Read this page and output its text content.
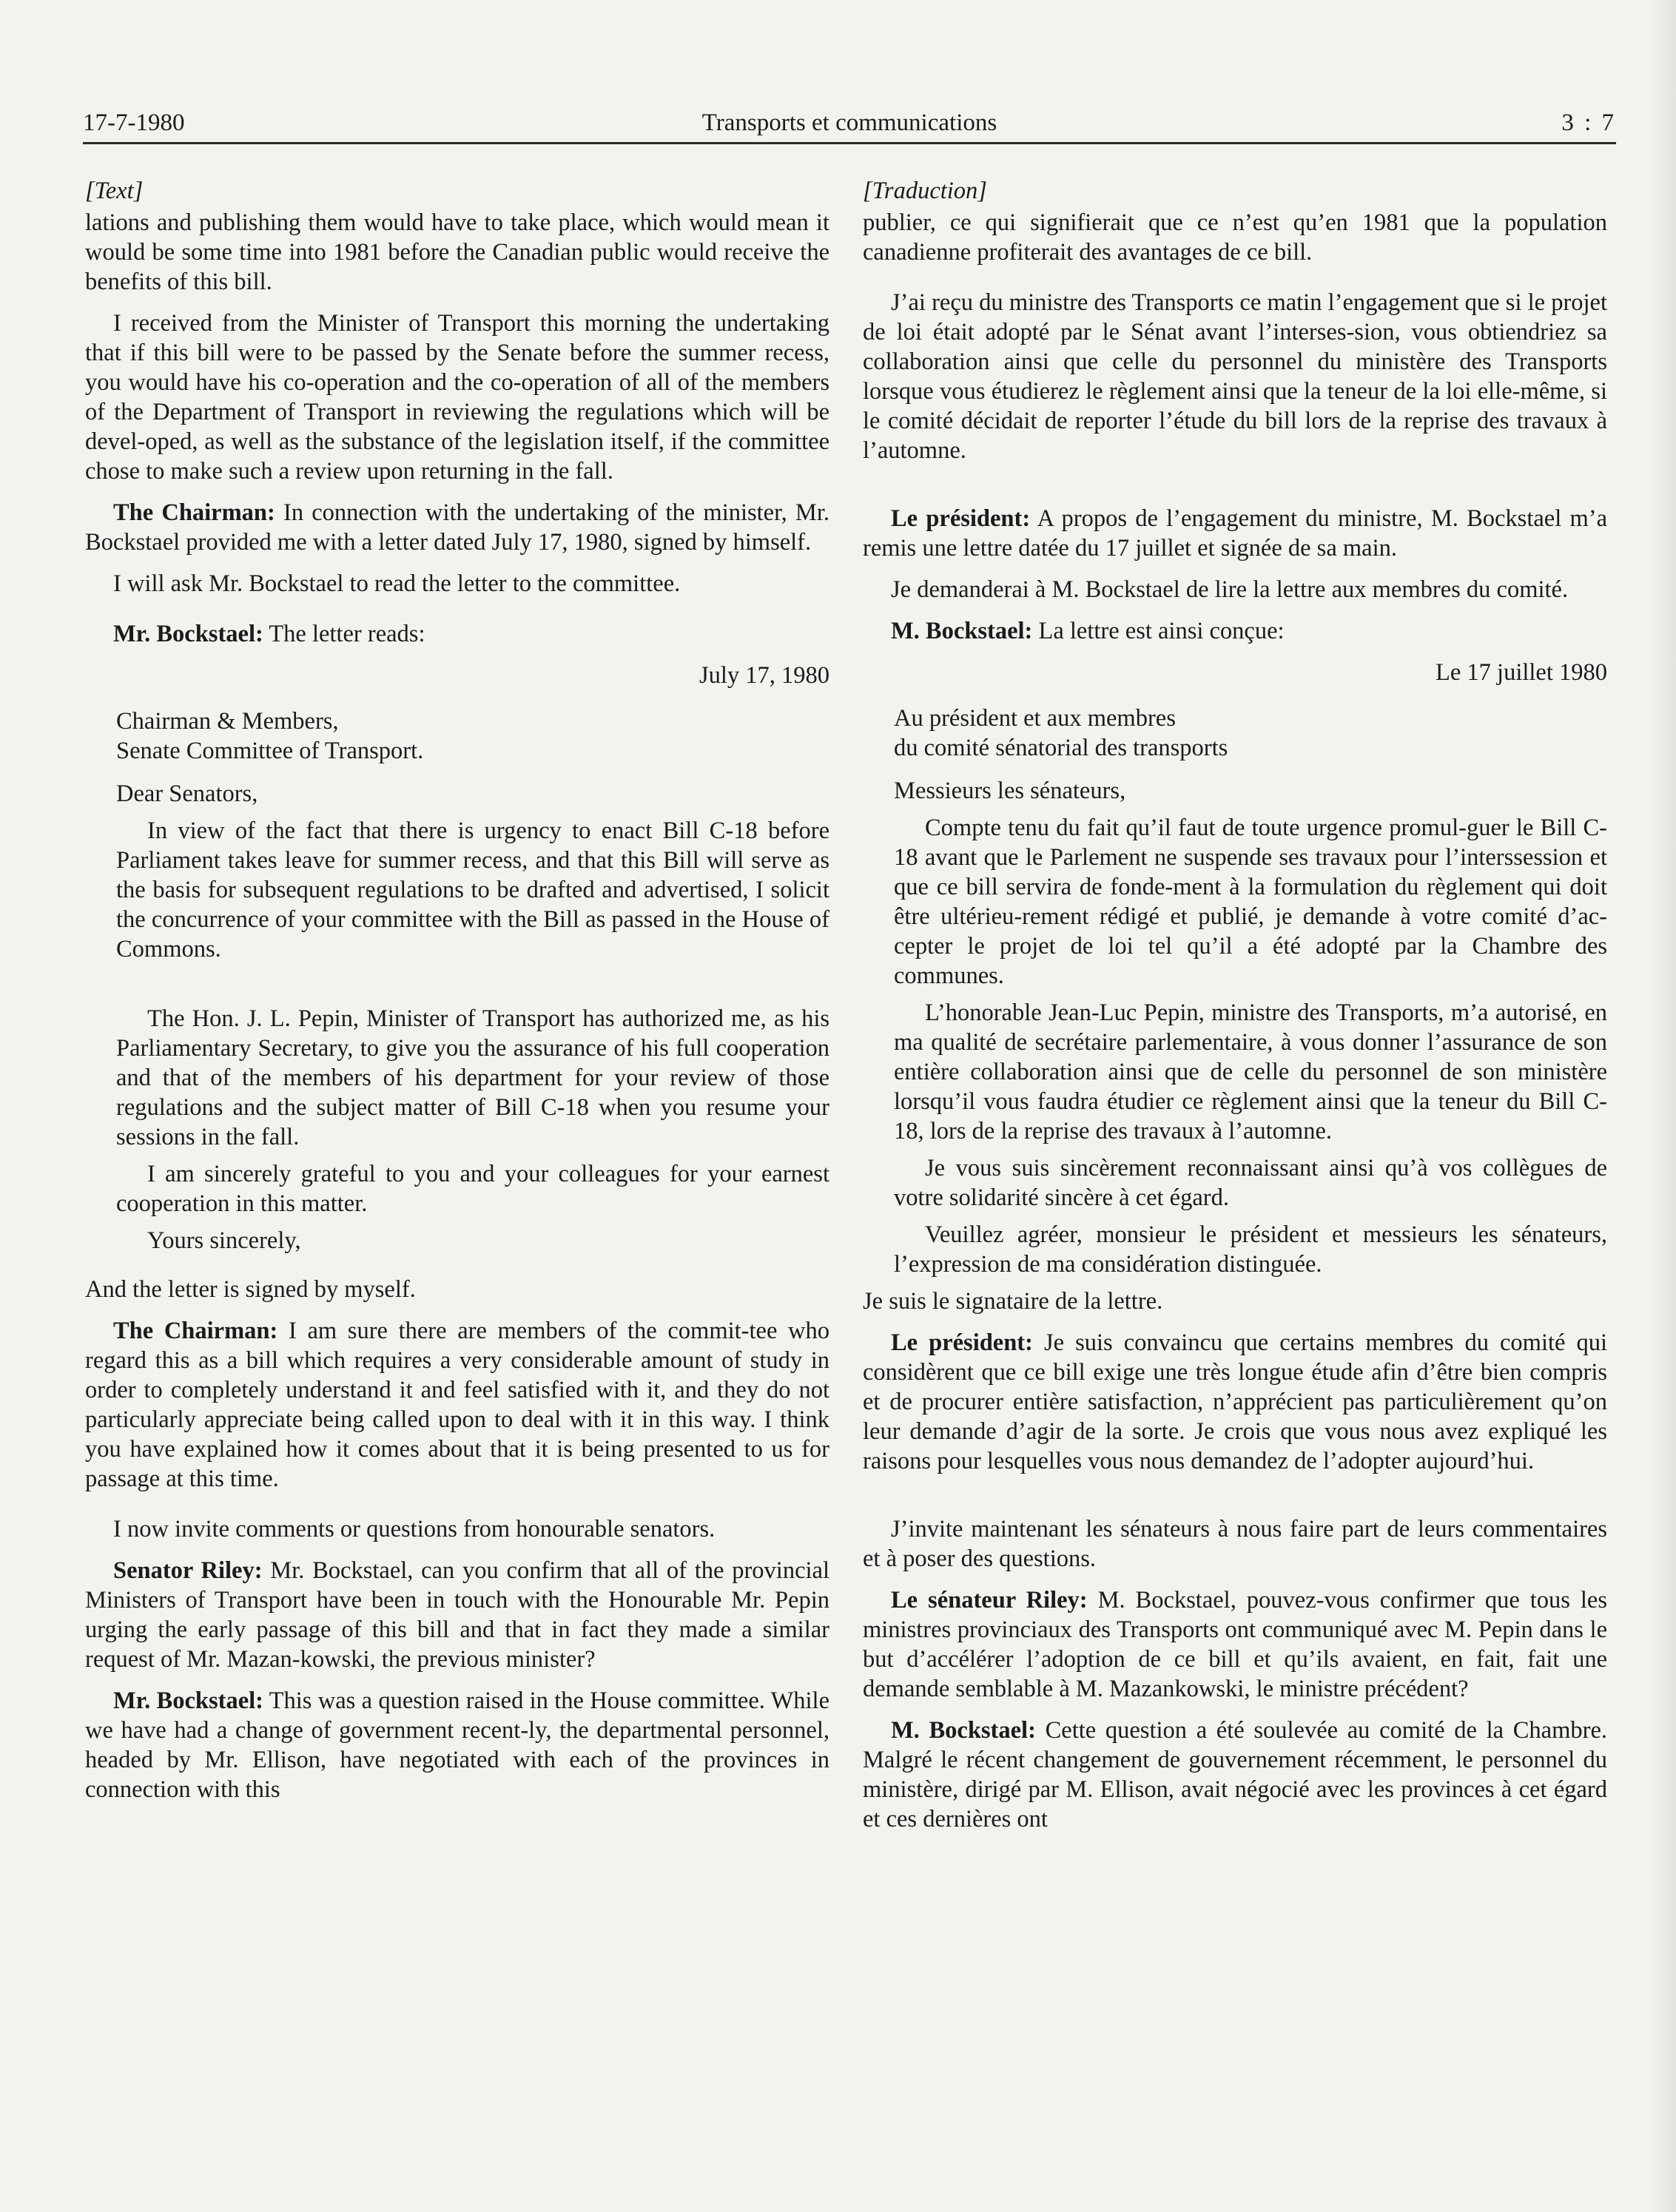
17-7-1980	Transports et communications	3 : 7
[Text]

lations and publishing them would have to take place, which would mean it would be some time into 1981 before the Canadian public would receive the benefits of this bill.

I received from the Minister of Transport this morning the undertaking that if this bill were to be passed by the Senate before the summer recess, you would have his co-operation and the co-operation of all of the members of the Department of Transport in reviewing the regulations which will be devel-oped, as well as the substance of the legislation itself, if the committee chose to make such a review upon returning in the fall.

The Chairman: In connection with the undertaking of the minister, Mr. Bockstael provided me with a letter dated July 17, 1980, signed by himself.

I will ask Mr. Bockstael to read the letter to the committee.

Mr. Bockstael: The letter reads:

July 17, 1980
Chairman & Members,
Senate Committee of Transport.

Dear Senators,

In view of the fact that there is urgency to enact Bill C-18 before Parliament takes leave for summer recess, and that this Bill will serve as the basis for subsequent regulations to be drafted and advertised, I solicit the concurrence of your committee with the Bill as passed in the House of Commons.

The Hon. J. L. Pepin, Minister of Transport has authorized me, as his Parliamentary Secretary, to give you the assurance of his full cooperation and that of the members of his department for your review of those regulations and the subject matter of Bill C-18 when you resume your sessions in the fall.

I am sincerely grateful to you and your colleagues for your earnest cooperation in this matter.

Yours sincerely,

And the letter is signed by myself.

The Chairman: I am sure there are members of the commit-tee who regard this as a bill which requires a very considerable amount of study in order to completely understand it and feel satisfied with it, and they do not particularly appreciate being called upon to deal with it in this way. I think you have explained how it comes about that it is being presented to us for passage at this time.

I now invite comments or questions from honourable senators.

Senator Riley: Mr. Bockstael, can you confirm that all of the provincial Ministers of Transport have been in touch with the Honourable Mr. Pepin urging the early passage of this bill and that in fact they made a similar request of Mr. Mazan-kowski, the previous minister?

Mr. Bockstael: This was a question raised in the House committee. While we have had a change of government recent-ly, the departmental personnel, headed by Mr. Ellison, have negotiated with each of the provinces in connection with this

[Traduction]

publier, ce qui signifierait que ce n’est qu’en 1981 que la population canadienne profiterait des avantages de ce bill.

J’ai reçu du ministre des Transports ce matin l’engagement que si le projet de loi était adopté par le Sénat avant l’interses-sion, vous obtiendriez sa collaboration ainsi que celle du personnel du ministère des Transports lorsque vous étudierez le règlement ainsi que la teneur de la loi elle-même, si le comité décidait de reporter l’étude du bill lors de la reprise des travaux à l’automne.

Le président: A propos de l’engagement du ministre, M. Bockstael m’a remis une lettre datée du 17 juillet et signée de sa main.

Je demanderai à M. Bockstael de lire la lettre aux membres du comité.

M. Bockstael: La lettre est ainsi conçue:

Le 17 juillet 1980
Au président et aux membres
du comité sénatorial des transports

Messieurs les sénateurs,

Compte tenu du fait qu’il faut de toute urgence promul-guer le Bill C-18 avant que le Parlement ne suspende ses travaux pour l’interssession et que ce bill servira de fonde-ment à la formulation du règlement qui doit être ultérieu-rement rédigé et publié, je demande à votre comité d’ac-cepter le projet de loi tel qu’il a été adopté par la Chambre des communes.

L’honorable Jean-Luc Pepin, ministre des Transports, m’a autorisé, en ma qualité de secrétaire parlementaire, à vous donner l’assurance de son entière collaboration ainsi que de celle du personnel de son ministère lorsqu’il vous faudra étudier ce règlement ainsi que la teneur du Bill C-18, lors de la reprise des travaux à l’automne.

Je vous suis sincèrement reconnaissant ainsi qu’à vos collègues de votre solidarité sincère à cet égard.

Veuillez agréer, monsieur le président et messieurs les sénateurs, l’expression de ma considération distinguée.

Je suis le signataire de la lettre.

Le président: Je suis convaincu que certains membres du comité qui considèrent que ce bill exige une très longue étude afin d’être bien compris et de procurer entière satisfaction, n’apprécient pas particulièrement qu’on leur demande d’agir de la sorte. Je crois que vous nous avez expliqué les raisons pour lesquelles vous nous demandez de l’adopter aujourd’hui.

J’invite maintenant les sénateurs à nous faire part de leurs commentaires et à poser des questions.

Le sénateur Riley: M. Bockstael, pouvez-vous confirmer que tous les ministres provinciaux des Transports ont communiqué avec M. Pepin dans le but d’accélérer l’adoption de ce bill et qu’ils avaient, en fait, fait une demande semblable à M. Mazankowski, le ministre précédent?

M. Bockstael: Cette question a été soulevée au comité de la Chambre. Malgré le récent changement de gouvernement récemment, le personnel du ministère, dirigé par M. Ellison, avait négocié avec les provinces à cet égard et ces dernières ont
